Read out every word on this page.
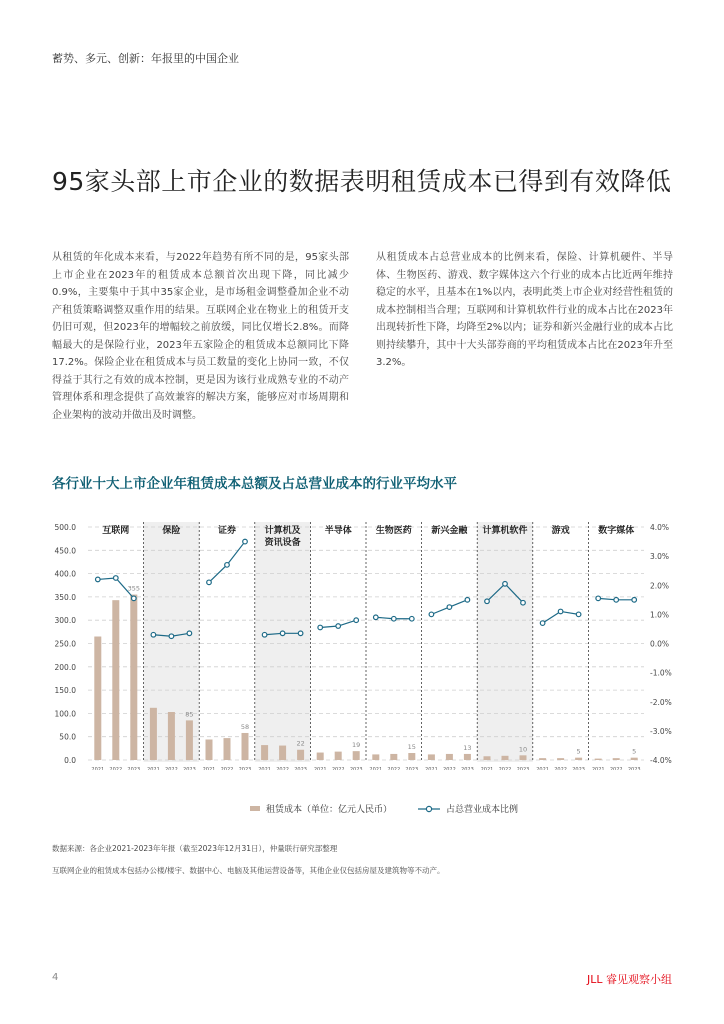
蓄势、多元、创新：年报里的中国企业
95家头部上市企业的数据表明租赁成本已得到有效降低
从租赁的年化成本来看，与2022年趋势有所不同的是，95家头部上市企业在2023年的租赁成本总额首次出现下降，同比减少0.9%，主要集中于其中35家企业，是市场租金调整叠加企业不动产租赁策略调整双重作用的结果。互联网企业在物业上的租赁开支仍旧可观，但2023年的增幅较之前放缓，同比仅增长2.8%。而降幅最大的是保险行业，2023年五家险企的租赁成本总额同比下降17.2%。保险企业在租赁成本与员工数量的变化上协同一致，不仅得益于其行之有效的成本控制，更是因为该行业成熟专业的不动产管理体系和理念提供了高效兼容的解决方案，能够应对市场周期和企业架构的波动并做出及时调整。
从租赁成本占总营业成本的比例来看，保险、计算机硬件、半导体、生物医药、游戏、数字媒体这六个行业的成本占比近两年维持稳定的水平，且基本在1%以内，表明此类上市企业对经营性租赁的成本控制相当合理；互联网和计算机软件行业的成本占比在2023年出现转折性下降，均降至2%以内；证券和新兴金融行业的成本占比则持续攀升，其中十大头部券商的平均租赁成本占比在2023年升至3.2%。
各行业十大上市企业年租赁成本总额及占总营业成本的行业平均水平
500.0
450.0
400.0
350.0
300.0
250.0
200.0
150.0
100.0
50.0
0.0
4.0%
3.0%
2.0%
1.0%
0.0%
-1.0%
-2.0%
-3.0%
-4.0%
互联网
2021 2022 2023
355
保险
2021 2022 2023
85
证券
2021 2022 2023
58
计算机及
资讯设备
2021 2022 2023
22
半导体
2021 2022 2023
19
生物医药
2021 2022 2023
15
新兴金融
2021 2022 2023
13
计算机软件
2021 2022 2023
10
游戏
2021 2022 2023
5
数字媒体
2021 2022 2023
5
租赁成本（单位：亿元人民币）	占总营业成本比例
数据来源：各企业2021-2023年年报（截至2023年12月31日），仲量联行研究部整理
互联网企业的租赁成本包括办公楼/楼宇、数据中心、电脑及其他运营设备等，其他企业仅包括房屋及建筑物等不动产。
4	JLL 睿见观察小组
